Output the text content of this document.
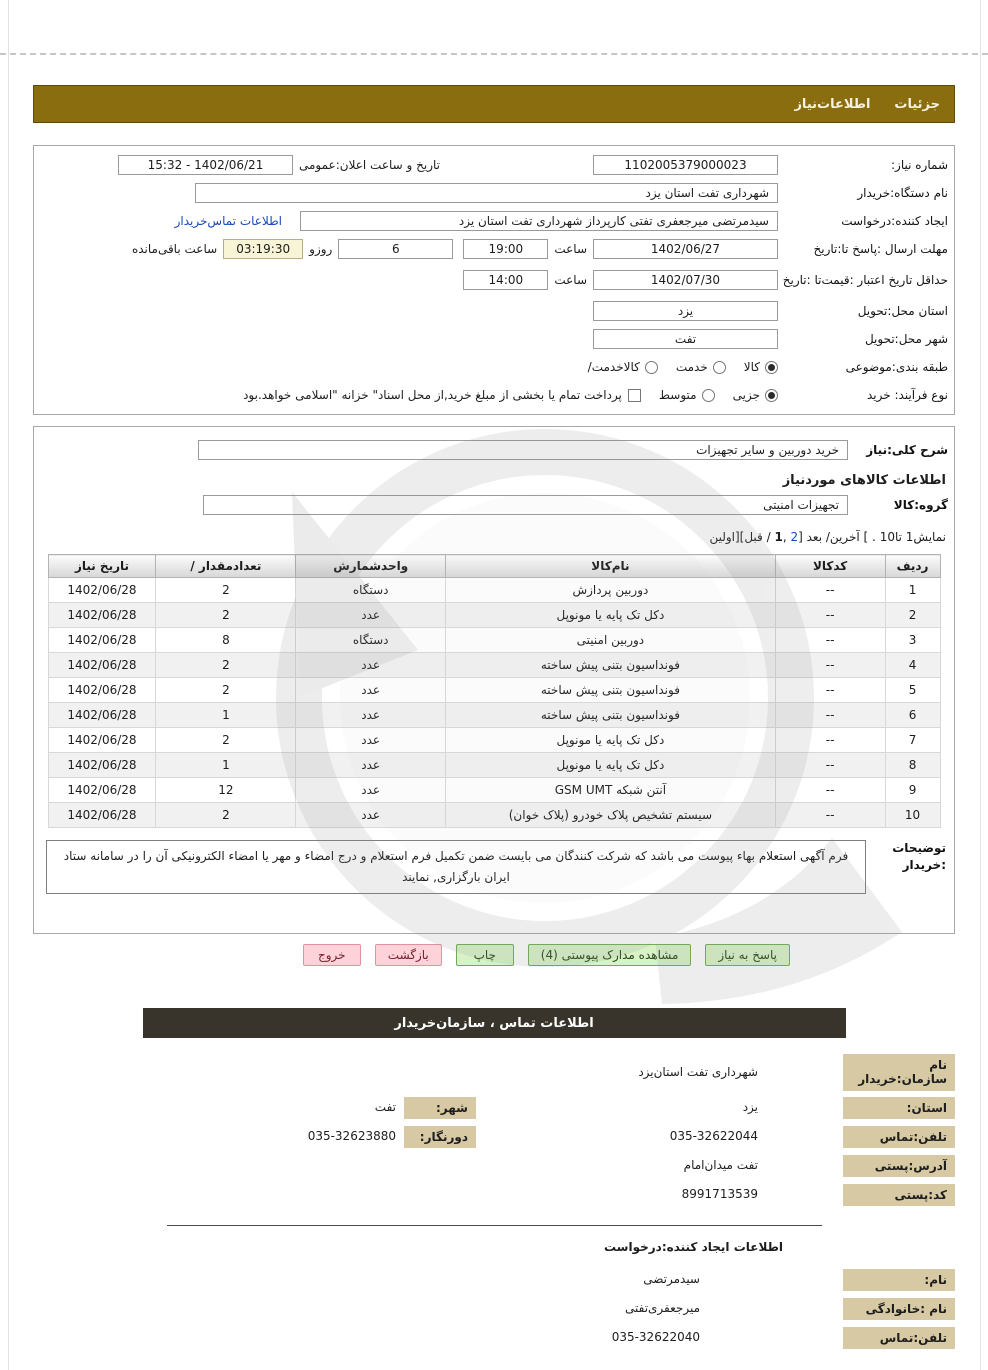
جزئیات
اطلاعات‌نیاز
شماره نیاز:
1102005379000023
تاریخ و ساعت اعلان:عمومی
15:32 - 1402/06/21
نام دستگاه:خریدار
شهرداری تفت استان یزد
ایجاد کننده:درخواست
سیدمرتضی میرجعفری تفتی کارپرداز شهرداری تفت استان یزد
اطلاعات تماس‌خریدار
مهلت ارسال :پاسخ تا:تاریخ
1402/06/27
ساعت
19:00
6
روزو
03:19:30
ساعت باقی‌مانده
حداقل تاریخ اعتبار :قیمت‌تا :تاریخ
1402/07/30
ساعت
14:00
استان محل:تحویل
یزد
شهر محل:تحویل
تفت
طبقه بندی:موضوعی
کالا
خدمت
کالاخدمت/
نوع فرآیند: خرید
جزیی
متوسط
پرداخت تمام یا بخشی از مبلغ خرید,از محل اسناد" خزانه "اسلامی خواهد.بود
شرح کلی:نیاز
خرید دوربین و سایر تجهیزات
اطلاعات کالاهای موردنیاز
گروه:کالا
تجهیزات امنیتی
نمایش1 تا10 . ] آخرین/ بعد [
2
,
1
/ قبل][اولین
ردیف	کدکالا	نام‌کالا	واحدشمارش	تعدادمقدار /	تاریخ نیاز
1	--	دوربین پردازش	دستگاه	2	1402/06/28
2	--	دکل تک پایه یا مونوپل	عدد	2	1402/06/28
3	--	دوربین امنیتی	دستگاه	8	1402/06/28
4	--	فونداسیون بتنی پیش ساخته	عدد	2	1402/06/28
5	--	فونداسیون بتنی پیش ساخته	عدد	2	1402/06/28
6	--	فونداسیون بتنی پیش ساخته	عدد	1	1402/06/28
7	--	دکل تک پایه یا مونوپل	عدد	2	1402/06/28
8	--	دکل تک پایه یا مونوپل	عدد	1	1402/06/28
9	--	آنتن شبکه GSM UMT	عدد	12	1402/06/28
10	--	سیستم تشخیص پلاک خودرو (پلاک خوان)	عدد	2	1402/06/28
توضیحات :خریدار
فرم آگهی استعلام بهاء پیوست می باشد که شرکت کنندگان می بایست ضمن تکمیل فرم استعلام و درج امضاء و مهر یا امضاء الکترونیکی آن را در سامانه ستاد ایران بارگزاری, نمایند
پاسخ به نیاز
مشاهده مدارک پیوستی (4)
چاپ
بازگشت
خروج
اطلاعات تماس ، سازمان‌خریدار
نام سازمان:خریدار
شهرداری تفت استان‌یزد
استان:
یزد
شهر:
تفت
تلفن:تماس
035-32622044
دورنگار:
035-32623880
آدرس:پستی
تفت میدان‌امام
کد:پستی
8991713539
اطلاعات ایجاد کننده:درخواست
نام:
سیدمرتضی
نام :خانوادگی
میرجعفری‌تفتی
تلفن:تماس
035-32622040
